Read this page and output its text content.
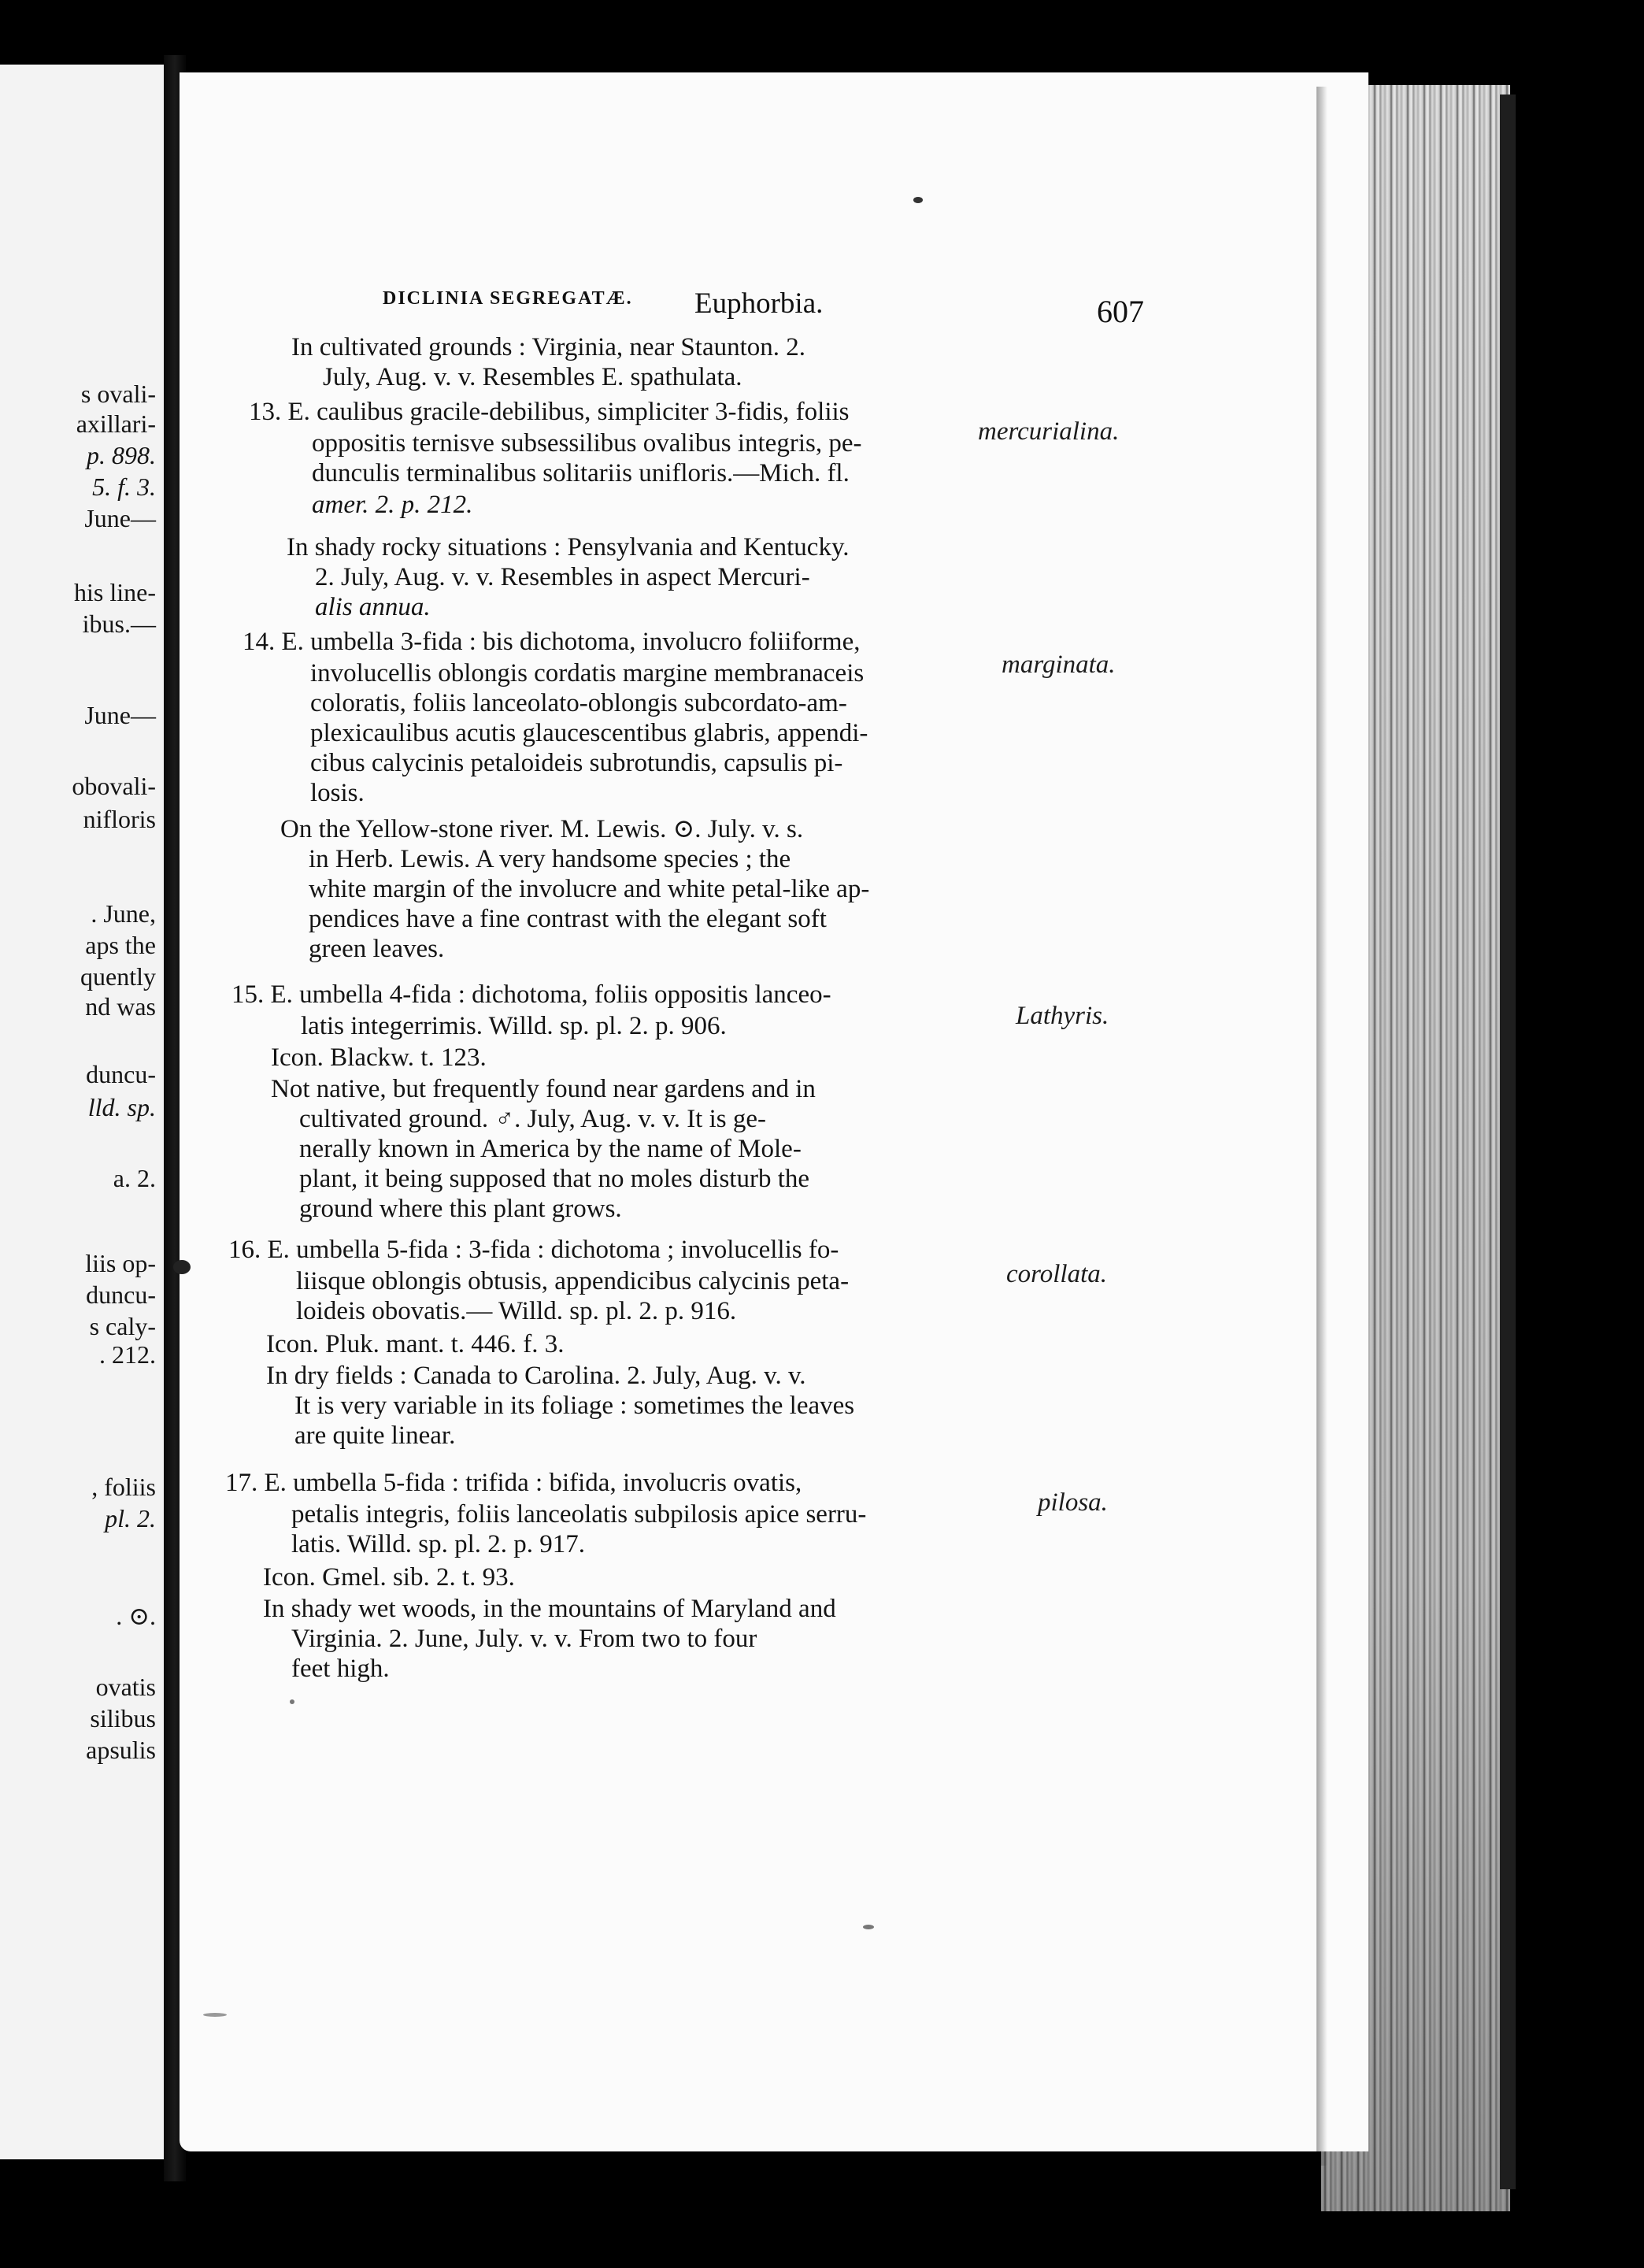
s ovali-
axillari-
p. 898.
5. f. 3.
June—
his line-
ibus.—
June—
obovali-
nifloris
. June,
aps the
quently
nd was
duncu-
lld. sp.
a. 2.
liis op-
duncu-
s caly-
. 212.
, foliis
pl. 2.
. ⊙.
ovatis
silibus
apsulis
DICLINIA SEGREGATÆ. Euphorbia.	607
In cultivated grounds : Virginia, near Staunton. 2.
July, Aug. v. v. Resembles E. spathulata.
mercurialina.
13. E. caulibus gracile-debilibus, simpliciter 3-fidis, foliis
oppositis ternisve subsessilibus ovalibus integris, pe-
dunculis terminalibus solitariis unifloris.—Mich. fl.
amer. 2. p. 212.
In shady rocky situations : Pensylvania and Kentucky.
2. July, Aug. v. v. Resembles in aspect Mercuri-
alis annua.
marginata.
14. E. umbella 3-fida : bis dichotoma, involucro foliiforme,
involucellis oblongis cordatis margine membranaceis
coloratis, foliis lanceolato-oblongis subcordato-am-
plexicaulibus acutis glaucescentibus glabris, appendi-
cibus calycinis petaloideis subrotundis, capsulis pi-
losis.
On the Yellow-stone river. M. Lewis. ⊙. July. v. s.
in Herb. Lewis. A very handsome species ; the
white margin of the involucre and white petal-like ap-
pendices have a fine contrast with the elegant soft
green leaves.
Lathyris.
15. E. umbella 4-fida : dichotoma, foliis oppositis lanceo-
latis integerrimis. Willd. sp. pl. 2. p. 906.
Icon. Blackw. t. 123.
Not native, but frequently found near gardens and in
cultivated ground. ♂. July, Aug. v. v. It is ge-
nerally known in America by the name of Mole-
plant, it being supposed that no moles disturb the
ground where this plant grows.
corollata.
16. E. umbella 5-fida : 3-fida : dichotoma ; involucellis fo-
liisque oblongis obtusis, appendicibus calycinis peta-
loideis obovatis.— Willd. sp. pl. 2. p. 916.
Icon. Pluk. mant. t. 446. f. 3.
In dry fields : Canada to Carolina. 2. July, Aug. v. v.
It is very variable in its foliage : sometimes the leaves
are quite linear.
pilosa.
17. E. umbella 5-fida : trifida : bifida, involucris ovatis,
petalis integris, foliis lanceolatis subpilosis apice serru-
latis. Willd. sp. pl. 2. p. 917.
Icon. Gmel. sib. 2. t. 93.
In shady wet woods, in the mountains of Maryland and
Virginia. 2. June, July. v. v. From two to four
feet high.
